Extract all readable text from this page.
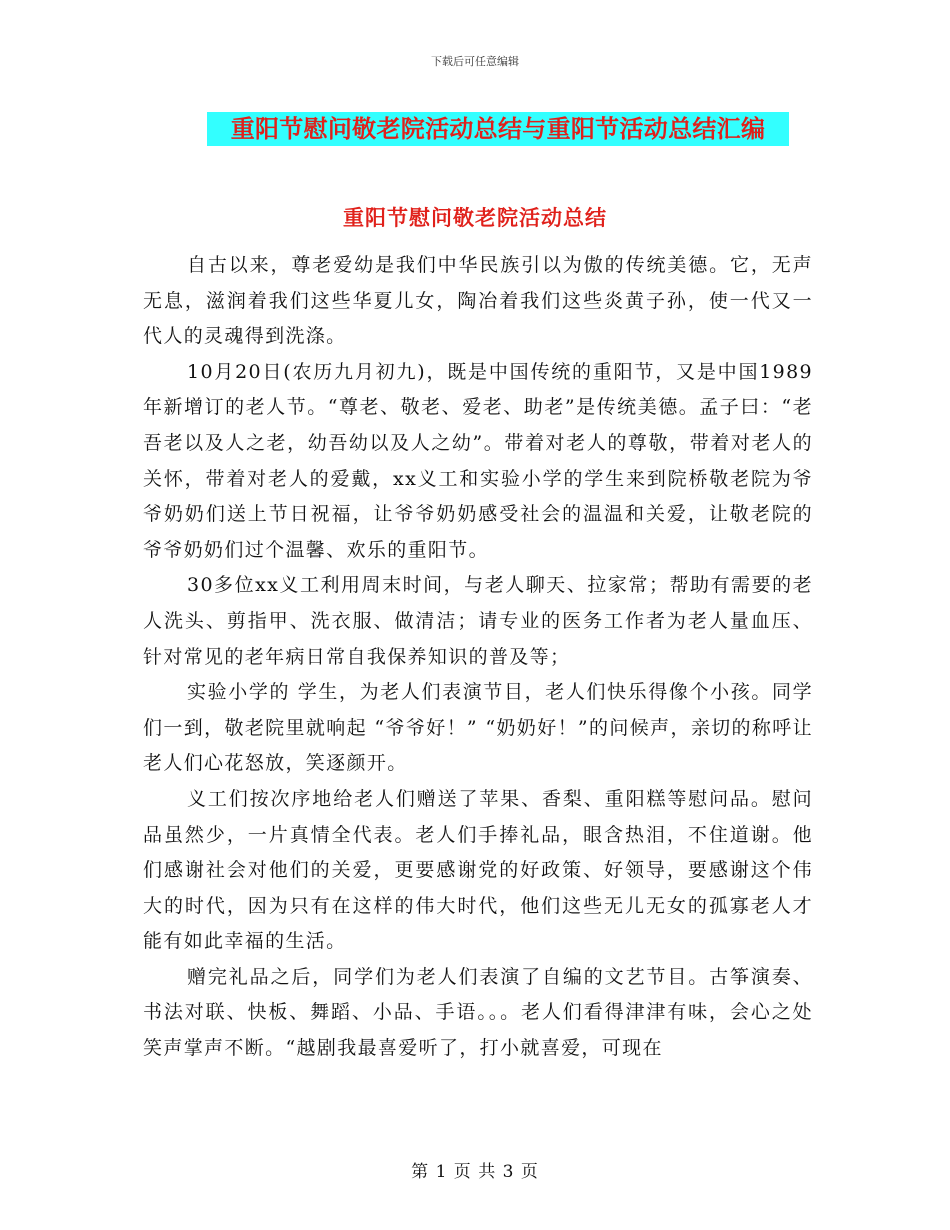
下载后可任意编辑
重阳节慰问敬老院活动总结与重阳节活动总结汇编
重阳节慰问敬老院活动总结

自古以来，尊老爱幼是我们中华民族引以为傲的传统美德。它，无声无息，滋润着我们这些华夏儿女，陶冶着我们这些炎黄子孙，使一代又一代人的灵魂得到洗涤。

10月20日(农历九月初九)，既是中国传统的重阳节，又是中国1989年新增订的老人节。“尊老、敬老、爱老、助老”是传统美德。孟子曰：“老吾老以及人之老，幼吾幼以及人之幼”。带着对老人的尊敬，带着对老人的关怀，带着对老人的爱戴，xx义工和实验小学的学生来到院桥敬老院为爷爷奶奶们送上节日祝福，让爷爷奶奶感受社会的温温和关爱，让敬老院的爷爷奶奶们过个温馨、欢乐的重阳节。

30多位xx义工利用周末时间，与老人聊天、拉家常；帮助有需要的老人洗头、剪指甲、洗衣服、做清洁；请专业的医务工作者为老人量血压、针对常见的老年病日常自我保养知识的普及等；

实验小学的 学生，为老人们表演节目，老人们快乐得像个小孩。同学们一到，敬老院里就响起 “爷爷好！” “奶奶好！”的问候声，亲切的称呼让老人们心花怒放，笑逐颜开。

义工们按次序地给老人们赠送了苹果、香梨、重阳糕等慰问品。慰问品虽然少，一片真情全代表。老人们手捧礼品，眼含热泪，不住道谢。他们感谢社会对他们的关爱，更要感谢党的好政策、好领导，要感谢这个伟大的时代，因为只有在这样的伟大时代，他们这些无儿无女的孤寡老人才能有如此幸福的生活。

赠完礼品之后，同学们为老人们表演了自编的文艺节目。古筝演奏、书法对联、快板、舞蹈、小品、手语。。。老人们看得津津有味，会心之处笑声掌声不断。“越剧我最喜爱听了，打小就喜爱，可现在

第 1 页 共 3 页
